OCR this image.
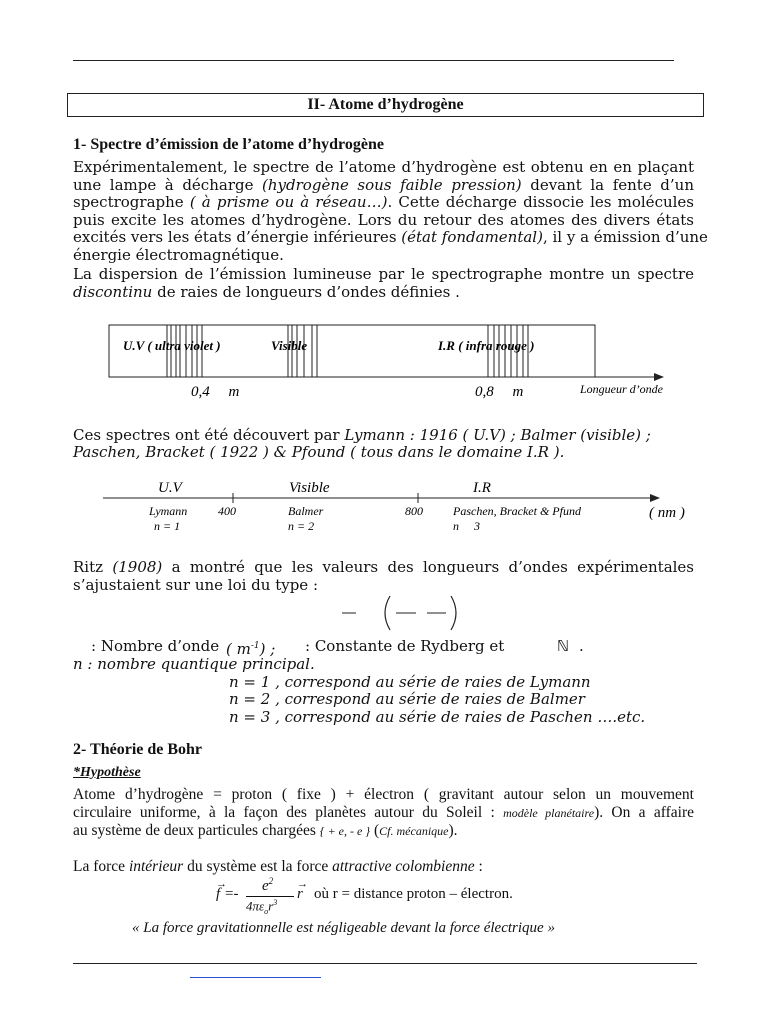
II- Atome d’hydrogène
1- Spectre d’émission de l’atome d’hydrogène
Expérimentalement, le spectre de l’atome d’hydrogène est obtenu en en plaçant
une lampe à décharge (hydrogène sous faible pression) devant la fente d’un
spectrographe ( à prisme ou à réseau…). Cette décharge dissocie les molécules
puis excite les atomes d’hydrogène. Lors du retour des atomes des divers états
excités vers les états d’énergie inférieures (état fondamental), il y a émission d’une
énergie électromagnétique.
La dispersion de l’émission lumineuse par le spectrographe montre un spectre
discontinu de raies de longueurs d’ondes définies .
U.V ( ultra violet )	Visible	I.R ( infra rouge )
0,4     m	0,8     m	Longueur d’onde
Ces spectres ont été découvert par Lymann : 1916 ( U.V) ; Balmer (visible) ;
Paschen, Bracket ( 1922 ) & Pfound ( tous dans le domaine I.R ).
U.V	Visible	I.R
Lymann
n = 1
400	Balmer
n = 2
800	Paschen, Bracket & Pfund
n     3
( nm )
Ritz (1908) a montré que les valeurs des longueurs d’ondes expérimentales
s’ajustaient sur une loi du type :
: Nombre d’onde ( $m^{-1}$) ; : Constante de Rydberg et	ℕ .
n : nombre quantique principal.
n = 1 , correspond au série de raies de Lymann
n = 2 , correspond au série de raies de Balmer
n = 3 , correspond au série de raies de Paschen ….etc.
2- Théorie de Bohr
*Hypothèse
Atome d’hydrogène = proton ( fixe ) + électron ( gravitant autour selon un mouvement
circulaire uniforme, à la façon des planètes autour du Soleil : modèle planétaire). On a affaire
au système de deux particules chargées { + e, - e } (Cf. mécanique).
La force intérieur du système est la force attractive colombienne :
→
$f =- e^2$
$4\pi\varepsilon_or^3$
→
r où r = distance proton – électron.
« La force gravitationnelle est négligeable devant la force électrique »
